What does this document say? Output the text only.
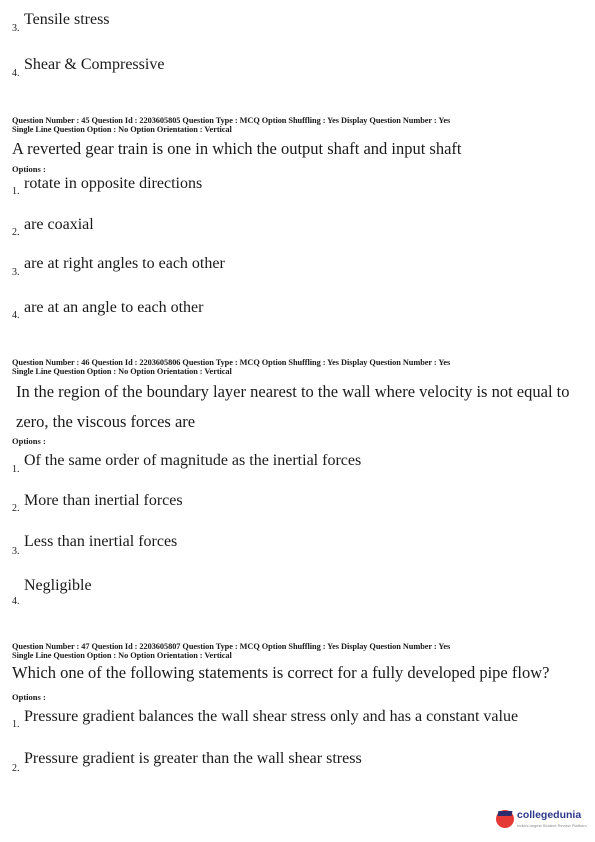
3.
Tensile stress
4.
Shear & Compressive
Question Number : 45 Question Id : 2203605805 Question Type : MCQ Option Shuffling : Yes Display Question Number : Yes
Single Line Question Option : No Option Orientation : Vertical
A reverted gear train is one in which the output shaft and input shaft
Options :
1. rotate in opposite directions
2. are coaxial
3.
are at right angles to each other
4. are at an angle to each other
Question Number : 46 Question Id : 2203605806 Question Type : MCQ Option Shuffling : Yes Display Question Number : Yes
Single Line Question Option : No Option Orientation : Vertical
In the region of the boundary layer nearest to the wall where velocity is not equal to
zero, the viscous forces are
Options :
1.
Of the same order of magnitude as the inertial forces
2. More than inertial forces
3.
Less than inertial forces
4.
Negligible
Question Number : 47 Question Id : 2203605807 Question Type : MCQ Option Shuffling : Yes Display Question Number : Yes
Single Line Question Option : No Option Orientation : Vertical
Which one of the following statements is correct for a fully developed pipe flow?
Options :
1. Pressure gradient balances the wall shear stress only and has a constant value
2.
Pressure gradient is greater than the wall shear stress
collegedunia
India's largest Student Review Platform
